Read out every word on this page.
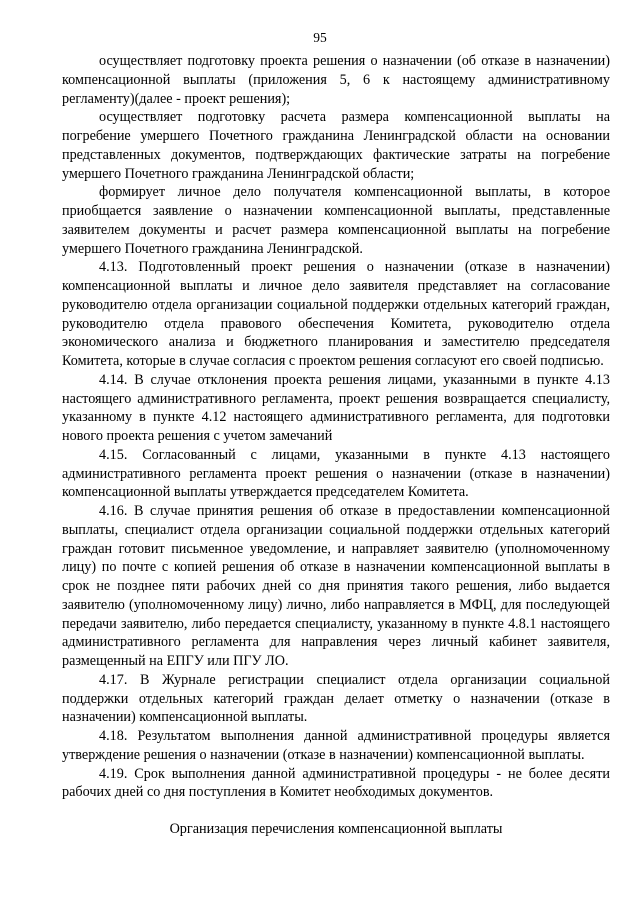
95

осуществляет подготовку проекта решения о назначении (об отказе в назначении) компенсационной выплаты (приложения 5, 6 к настоящему административному регламенту)(далее - проект решения);

осуществляет подготовку расчета размера компенсационной выплаты на погребение умершего Почетного гражданина Ленинградской области на основании представленных документов, подтверждающих фактические затраты на погребение умершего Почетного гражданина Ленинградской области;

формирует личное дело получателя компенсационной выплаты, в которое приобщается заявление о назначении компенсационной выплаты, представленные заявителем документы и расчет размера компенсационной выплаты на погребение умершего Почетного гражданина Ленинградской.

4.13. Подготовленный проект решения о назначении (отказе в назначении) компенсационной выплаты и личное дело заявителя представляет на согласование руководителю отдела организации социальной поддержки отдельных категорий граждан, руководителю отдела правового обеспечения Комитета, руководителю отдела экономического анализа и бюджетного планирования и заместителю председателя Комитета, которые в случае согласия с проектом решения согласуют его своей подписью.

4.14. В случае отклонения проекта решения лицами, указанными в пункте 4.13 настоящего административного регламента, проект решения возвращается специалисту, указанному в пункте 4.12 настоящего административного регламента, для подготовки нового проекта решения с учетом замечаний

4.15. Согласованный с лицами, указанными в пункте 4.13 настоящего административного регламента проект решения о назначении (отказе в назначении) компенсационной выплаты утверждается председателем Комитета.

4.16. В случае принятия решения об отказе в предоставлении компенсационной выплаты, специалист отдела организации социальной поддержки отдельных категорий граждан готовит письменное уведомление, и направляет заявителю (уполномоченному лицу) по почте с копией решения об отказе в назначении компенсационной выплаты в срок не позднее пяти рабочих дней со дня принятия такого решения, либо выдается заявителю (уполномоченному лицу) лично, либо направляется в МФЦ, для последующей передачи заявителю, либо передается специалисту, указанному в пункте 4.8.1 настоящего административного регламента для направления через личный кабинет заявителя, размещенный на ЕПГУ или ПГУ ЛО.

4.17. В Журнале регистрации специалист отдела организации социальной поддержки отдельных категорий граждан делает отметку о назначении (отказе в назначении) компенсационной выплаты.

4.18. Результатом выполнения данной административной процедуры является утверждение решения о назначении (отказе в назначении) компенсационной выплаты.

4.19. Срок выполнения данной административной процедуры - не более десяти рабочих дней со дня поступления в Комитет необходимых документов.

Организация перечисления компенсационной выплаты
